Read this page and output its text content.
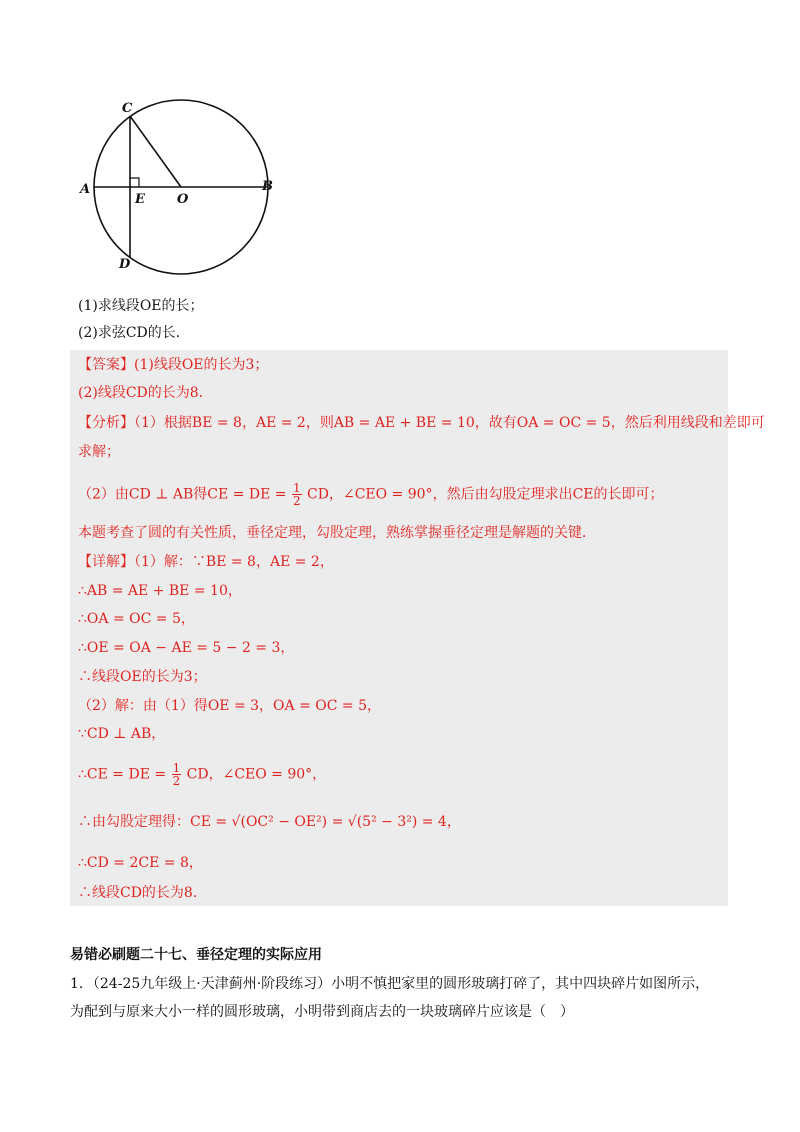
C
A	B
E O
D
(1)求线段OE的长；
(2)求弦CD的长．
【答案】(1)线段OE的长为3；
(2)线段CD的长为8．
【分析】（1）根据BE = 8，AE = 2，则AB = AE + BE = 10，故有OA = OC = 5，然后利用线段和差即可
求解；
（2）由CD ⊥ AB得CE = DE = $\frac{1}{2}$ CD，∠CEO = 90°，然后由勾股定理求出CE的长即可；
本题考查了圆的有关性质，垂径定理，勾股定理，熟练掌握垂径定理是解题的关键．
【详解】（1）解：∵BE = 8，AE = 2，
∴AB = AE + BE = 10，
∴OA = OC = 5，
∴OE = OA − AE = 5 − 2 = 3，
∴线段OE的长为3；
（2）解：由（1）得OE = 3，OA = OC = 5，
∵CD ⊥ AB，
∴CE = DE = $\frac{1}{2}$ CD，∠CEO = 90°，
∴由勾股定理得：CE = √(OC² − OE²) = √(5² − 3²) = 4，
∴CD = 2CE = 8，
∴线段CD的长为8．
易错必刷题二十七、垂径定理的实际应用
1．（24-25九年级上·天津蓟州·阶段练习）小明不慎把家里的圆形玻璃打碎了，其中四块碎片如图所示，
为配到与原来大小一样的圆形玻璃，小明带到商店去的一块玻璃碎片应该是（　）
